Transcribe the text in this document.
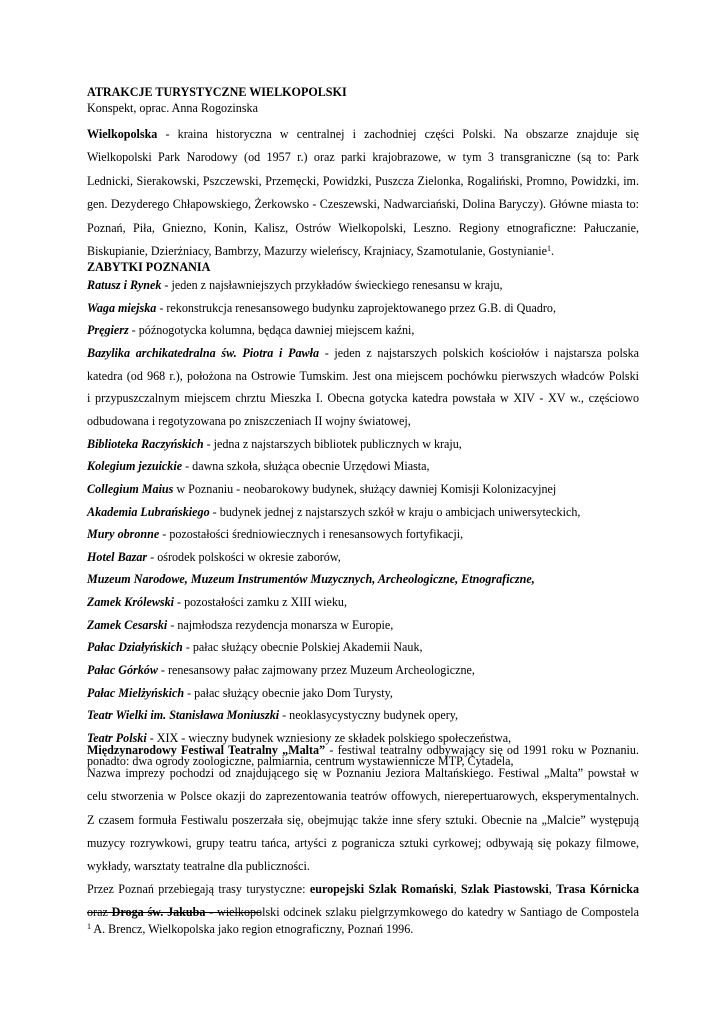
ATRAKCJE TURYSTYCZNE WIELKOPOLSKI
Konspekt, oprac. Anna Rogozinska
Wielkopolska - kraina historyczna w centralnej i zachodniej części Polski. Na obszarze znajduje się
Wielkopolski Park Narodowy (od 1957 r.) oraz parki krajobrazowe, w tym 3 transgraniczne (są to: Park
Lednicki, Sierakowski, Pszczewski, Przemęcki, Powidzki, Puszcza Zielonka, Rogaliński, Promno, Powidzki, im.
gen. Dezyderego Chłapowskiego, Żerkowsko - Czeszewski, Nadwarciański, Dolina Baryczy). Główne miasta to:
Poznań, Piła, Gniezno, Konin, Kalisz, Ostrów Wielkopolski, Leszno. Regiony etnograficzne: Pałuczanie,
Biskupianie, Dzierżniacy, Bambrzy, Mazurzy wieleńscy, Krajniacy, Szamotulanie, Gostynianie$^1$.
ZABYTKI POZNANIA
Ratusz i Rynek - jeden z najsławniejszych przykładów świeckiego renesansu w kraju,
Waga miejska - rekonstrukcja renesansowego budynku zaprojektowanego przez G.B. di Quadro,
Pręgierz - późnogotycka kolumna, będąca dawniej miejscem kaźni,
Bazylika archikatedralna św. Piotra i Pawła - jeden z najstarszych polskich kościołów i najstarsza polska
katedra (od 968 r.), położona na Ostrowie Tumskim. Jest ona miejscem pochówku pierwszych władców Polski
i przypuszczalnym miejscem chrztu Mieszka I. Obecna gotycka katedra powstała w XIV - XV w., częściowo
odbudowana i regotyzowana po zniszczeniach II wojny światowej,
Biblioteka Raczyńskich - jedna z najstarszych bibliotek publicznych w kraju,
Kolegium jezuickie - dawna szkoła, służąca obecnie Urzędowi Miasta,
Collegium Maius w Poznaniu - neobarokowy budynek, służący dawniej Komisji Kolonizacyjnej
Akademia Lubrańskiego - budynek jednej z najstarszych szkół w kraju o ambicjach uniwersyteckich,
Mury obronne - pozostałości średniowiecznych i renesansowych fortyfikacji,
Hotel Bazar - ośrodek polskości w okresie zaborów,
Muzeum Narodowe, Muzeum Instrumentów Muzycznych, Archeologiczne, Etnograficzne,
Zamek Królewski - pozostałości zamku z XIII wieku,
Zamek Cesarski - najmłodsza rezydencja monarsza w Europie,
Pałac Działyńskich - pałac służący obecnie Polskiej Akademii Nauk,
Pałac Górków - renesansowy pałac zajmowany przez Muzeum Archeologiczne,
Pałac Mielżyńskich - pałac służący obecnie jako Dom Turysty,
Teatr Wielki im. Stanisława Moniuszki - neoklasycystyczny budynek opery,
Teatr Polski - XIX - wieczny budynek wzniesiony ze składek polskiego społeczeństwa,
ponadto: dwa ogrody zoologiczne, palmiarnia, centrum wystawiennicze MTP, Cytadela,
Międzynarodowy Festiwal Teatralny „Malta” - festiwal teatralny odbywający się od 1991 roku w Poznaniu.
Nazwa imprezy pochodzi od znajdującego się w Poznaniu Jeziora Maltańskiego. Festiwal „Malta” powstał w
celu stworzenia w Polsce okazji do zaprezentowania teatrów offowych, nierepertuarowych, eksperymentalnych.
Z czasem formuła Festiwalu poszerzała się, obejmując także inne sfery sztuki. Obecnie na „Malcie” występują
muzycy rozrywkowi, grupy teatru tańca, artyści z pogranicza sztuki cyrkowej; odbywają się pokazy filmowe,
wykłady, warsztaty teatralne dla publiczności.
Przez Poznań przebiegają trasy turystyczne: europejski Szlak Romański, Szlak Piastowski, Trasa Kórnicka
oraz Droga św. Jakuba - wielkopolski odcinek szlaku pielgrzymkowego do katedry w Santiago de Compostela
$^1$ A. Brencz, Wielkopolska jako region etnograficzny, Poznań 1996.
